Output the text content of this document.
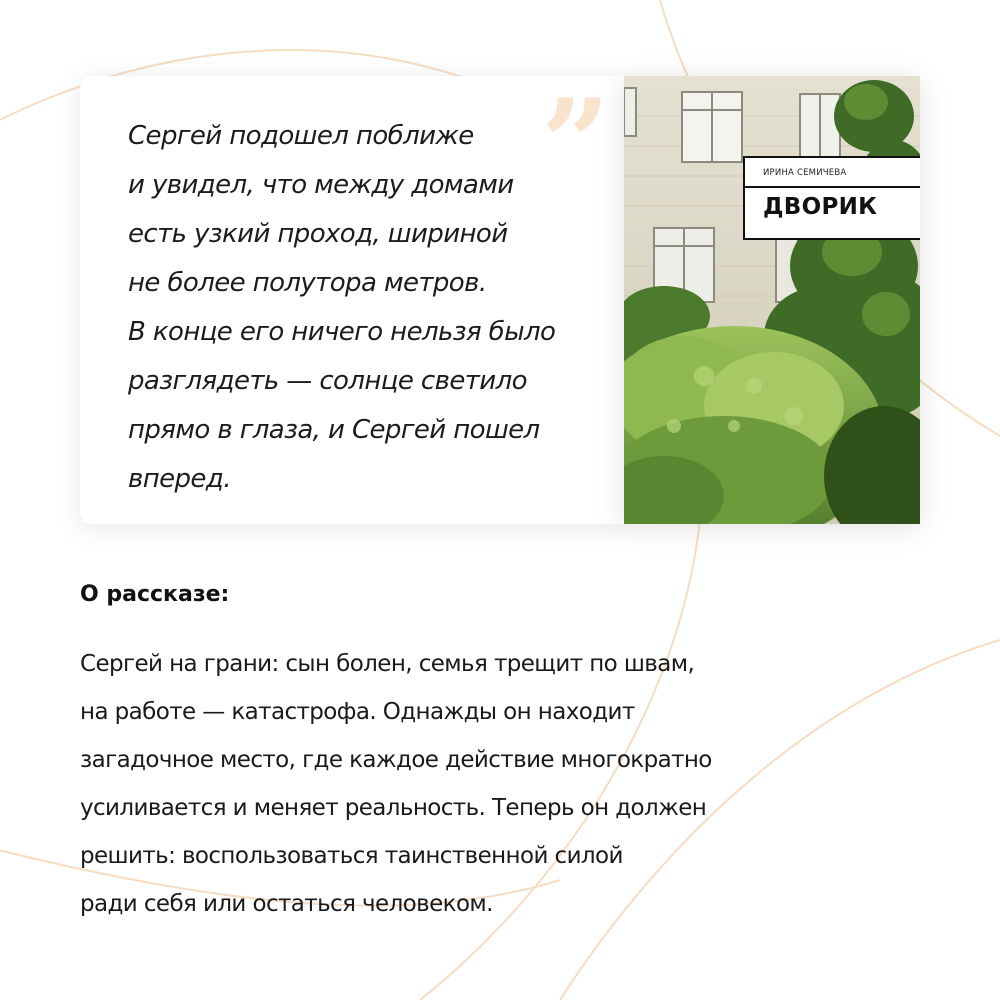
”
Сергей подошел поближе
и увидел, что между домами
есть узкий проход, шириной
не более полутора метров.
В конце его ничего нельзя было
разглядеть — солнце светило
прямо в глаза, и Сергей пошел
вперед.
ИРИНА СЕМИЧЕВА
ДВОРИК
О рассказе:
Сергей на грани: сын болен, семья трещит по швам,
на работе — катастрофа. Однажды он находит
загадочное место, где каждое действие многократно
усиливается и меняет реальность. Теперь он должен
решить: воспользоваться таинственной силой
ради себя или остаться человеком.
